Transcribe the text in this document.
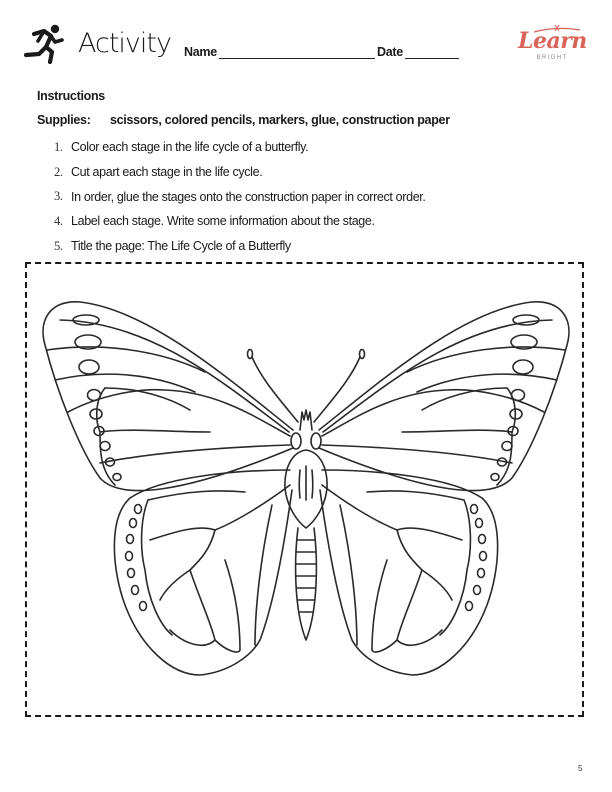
Activity Name	Date	Learn
BRIGHT
Instructions
Supplies:	scissors, colored pencils, markers, glue, construction paper
1. Color each stage in the life cycle of a butterfly.
2. Cut apart each stage in the life cycle.
3. In order, glue the stages onto the construction paper in correct order.
4. Label each stage. Write some information about the stage.
5. Title the page: The Life Cycle of a Butterfly
5
